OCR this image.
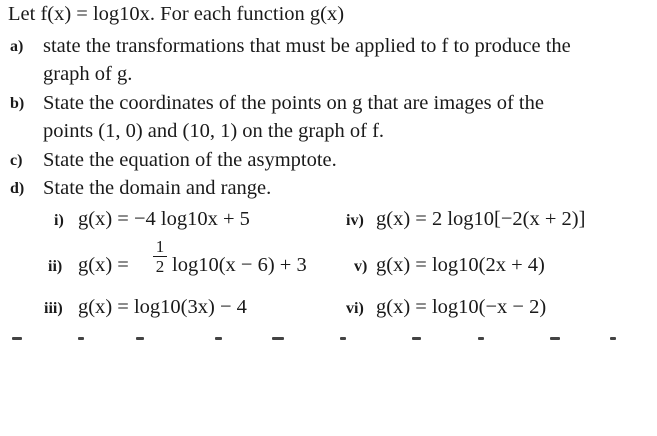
Let f(x) = log10x. For each function g(x)
a) state the transformations that must be applied to f to produce the
graph of g.
b) State the coordinates of the points on g that are images of the
points (1, 0) and (10, 1) on the graph of f.
c) State the equation of the asymptote.
d) State the domain and range.
i) g(x) = −4 log10x + 5
ii) g(x) =
1
2 log10(x − 6) + 3
iii) g(x) = log10(3x) − 4
iv) g(x) = 2 log10[−2(x + 2)]
v) g(x) = log10(2x + 4)
vi) g(x) = log10(−x − 2)
